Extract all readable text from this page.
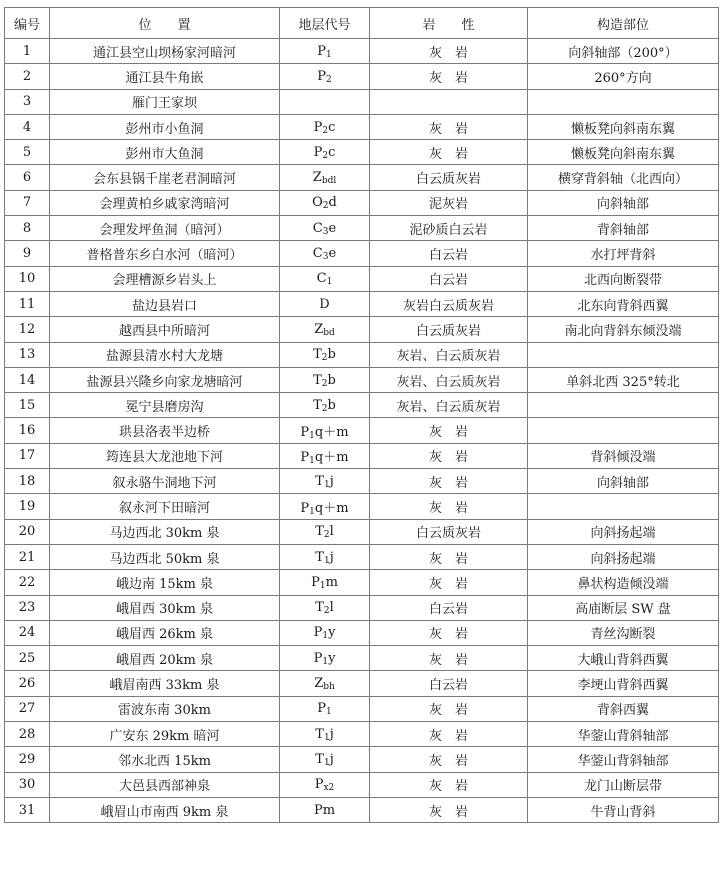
编号	位　　置	地层代号	岩　　性	构造部位
1	通江县空山坝杨家河暗河	$P_1$	灰　岩	向斜轴部（200°）
2	通江县牛角嵌	$P_2$	灰　岩	260°方向
3	雁门王家坝			
4	彭州市小鱼洞	$P_2c$	灰　岩	懒板凳向斜南东翼
5	彭州市大鱼洞	$P_2c$	灰　岩	懒板凳向斜南东翼
6	会东县锅千崖老君洞暗河	$Z_{bdl}$	白云质灰岩	横穿背斜轴（北西向）
7	会理黄柏乡戚家湾暗河	$O_2d$	泥灰岩	向斜轴部
8	会理发坪鱼洞（暗河）	$C_3e$	泥砂质白云岩	背斜轴部
9	普格普东乡白水河（暗河）	$C_3e$	白云岩	水打坪背斜
10	会理槽源乡岩头上	$C_1$	白云岩	北西向断裂带
11	盐边县岩口	D	灰岩白云质灰岩	北东向背斜西翼
12	越西县中所暗河	$Z_{bd}$	白云质灰岩	南北向背斜东倾没端
13	盐源县清水村大龙塘	$T_2b$	灰岩、白云质灰岩	
14	盐源县兴隆乡向家龙塘暗河	$T_2b$	灰岩、白云质灰岩	单斜北西 325°转北
15	冕宁县磨房沟	$T_2b$	灰岩、白云质灰岩	
16	珙县洛表半边桥	$P_1q+m$	灰　岩	
17	筠连县大龙池地下河	$P_1q+m$	灰　岩	背斜倾没端
18	叙永骆牛洞地下河	$T_1j$	灰　岩	向斜轴部
19	叙永河下田暗河	$P_1q+m$	灰　岩	
20	马边西北 30km 泉	$T_2l$	白云质灰岩	向斜扬起端
21	马边西北 50km 泉	$T_1j$	灰　岩	向斜扬起端
22	峨边南 15km 泉	$P_1m$	灰　岩	鼻状构造倾没端
23	峨眉西 30km 泉	$T_2l$	白云岩	高庙断层 SW 盘
24	峨眉西 26km 泉	$P_1y$	灰　岩	青丝沟断裂
25	峨眉西 20km 泉	$P_1y$	灰　岩	大峨山背斜西翼
26	峨眉南西 33km 泉	$Z_{bh}$	白云岩	李埂山背斜西翼
27	雷波东南 30km	$P_1$	灰　岩	背斜西翼
28	广安东 29km 暗河	$T_1j$	灰　岩	华蓥山背斜轴部
29	邻水北西 15km	$T_1j$	灰　岩	华蓥山背斜轴部
30	大邑县西部神泉	$P_{x2}$	灰　岩	龙门山断层带
31	峨眉山市南西 9km 泉	Pm	灰　岩	牛背山背斜
